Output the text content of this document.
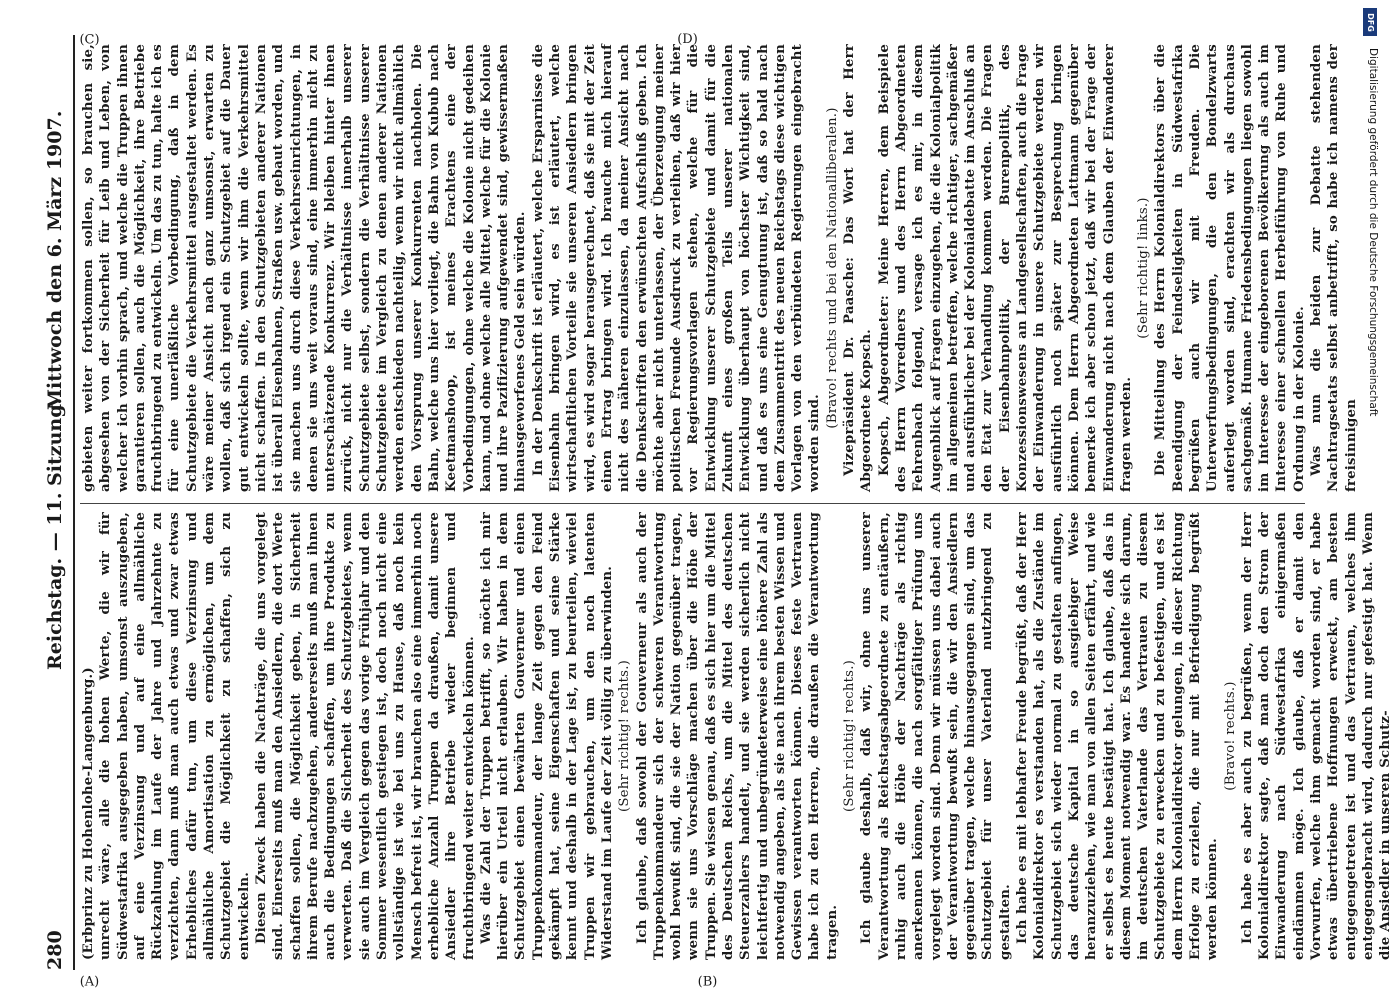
280
Reichstag. — 11. Sitzung.
Mittwoch den 6. März 1907.

(Erbprinz zu Hohenlohe-Langenburg.) unrecht wäre, alle die hohen Werte, die wir für Südwestafrika ausgegeben haben, umsonst auszugeben, auf eine Verzinsung und auf eine allmähliche Rückzahlung im Laufe der Jahre und Jahrzehnte zu verzichten, dann muß man auch etwas und zwar etwas Erhebliches dafür tun, um diese Verzinsung und allmähliche Amortisation zu ermöglichen, um dem Schutzgebiet die Möglichkeit zu schaffen, sich zu entwickeln. Diesen Zweck haben die Nachträge, die uns vorgelegt sind. Einerseits muß man den Ansiedlern, die dort Werte schaffen sollen, die Möglichkeit geben, in Sicherheit ihrem Berufe nachzugehen, andererseits muß man ihnen auch die Bedingungen schaffen, um ihre Produkte zu verwerten. Daß die Sicherheit des Schutzgebietes, wenn sie auch im Vergleich gegen das vorige Frühjahr und den Sommer wesentlich gestiegen ist, doch noch nicht eine vollständige ist wie bei uns zu Hause, daß noch kein Mensch befreit ist, wir brauchen also eine immerhin noch erhebliche Anzahl Truppen da draußen, damit unsere Ansiedler ihre Betriebe wieder beginnen und fruchtbringend weiter entwickeln können. Was die Zahl der Truppen betrifft, so möchte ich mir hierüber ein Urteil nicht erlauben. Wir haben in dem Schutzgebiet einen bewährten Gouverneur und einen Truppenkommandeur, der lange Zeit gegen den Feind gekämpft hat, seine Eigenschaften und seine Stärke kennt und deshalb in der Lage ist, zu beurteilen, wieviel Truppen wir gebrauchen, um den noch latenten Widerstand im Laufe der Zeit völlig zu überwinden. (Sehr richtig! rechts.) Ich glaube, daß sowohl der Gouverneur als auch der Truppenkommandeur sich der schweren Verantwortung wohl bewußt sind, die sie der Nation gegenüber tragen, wenn sie uns Vorschläge machen über die Höhe der Truppen. Sie wissen genau, daß es sich hier um die Mittel des Deutschen Reichs, um die Mittel des deutschen Steuerzahlers handelt, und sie werden sicherlich nicht leichtfertig und unbegründeterweise eine höhere Zahl als notwendig angeben, als sie nach ihrem besten Wissen und Gewissen verantworten können. Dieses feste Vertrauen habe ich zu den Herren, die draußen die Verantwortung tragen.

(Sehr richtig! rechts.) Ich glaube deshalb, daß wir, ohne uns unserer Verantwortung als Reichstagsabgeordnete zu entäußern, ruhig auch die Höhe der Nachträge als richtig anerkennen können, die nach sorgfältiger Prüfung uns vorgelegt worden sind. Denn wir müssen uns dabei auch der Verantwortung bewußt sein, die wir den Ansiedlern gegenüber tragen, welche hinausgegangen sind, um das Schutzgebiet für unser Vaterland nutzbringend zu gestalten. Ich habe es mit lebhafter Freude begrüßt, daß der Herr Kolonialdirektor es verstanden hat, als die Zustände im Schutzgebiet sich wieder normal zu gestalten anfingen, das deutsche Kapital in so ausgiebiger Weise heranzuziehen, wie man von allen Seiten erfährt, und wie er selbst es heute bestätigt hat. Ich glaube, daß das in diesem Moment notwendig war. Es handelte sich darum, im deutschen Vaterlande das Vertrauen zu diesem Schutzgebiete zu erwecken und zu befestigen, und es ist dem Herrn Kolonialdirektor gelungen, in dieser Richtung Erfolge zu erzielen, die nur mit Befriedigung begrüßt werden können.

(Bravo! rechts.) Ich habe es aber auch zu begrüßen, wenn der Herr Kolonialdirektor sagte, daß man doch den Strom der Einwanderung nach Südwestafrika einigermaßen eindämmen möge. Ich glaube, daß er damit den Vorwurfen, welche ihm gemacht worden sind, er habe etwas übertriebene Hoffnungen erweckt, am besten entgegengetreten ist und das Vertrauen, welches ihm entgegengebracht wird, dadurch nur gefestigt hat. Wenn die Ansiedler in unseren Schutz-

gebieten weiter fortkommen sollen, so brauchen sie, abgesehen von der Sicherheit für Leib und Leben, von welcher ich vorhin sprach, und welche die Truppen ihnen garantieren sollen, auch die Möglichkeit, ihre Betriebe fruchtbringend zu entwickeln. Um das zu tun, halte ich es für eine unerläßliche Vorbedingung, daß in dem Schutzgebiete die Verkehrsmittel ausgestaltet werden. Es wäre meiner Ansicht nach ganz umsonst, erwarten zu wollen, daß sich irgend ein Schutzgebiet auf die Dauer gut entwickeln sollte, wenn wir ihm die Verkehrsmittel nicht schaffen. In den Schutzgebieten anderer Nationen ist überall Eisenbahnen, Straßen usw. gebaut worden, und sie machen uns durch diese Verkehrseinrichtungen, in denen sie uns weit voraus sind, eine immerhin nicht zu unterschätzende Konkurrenz. Wir bleiben hinter ihnen zurück, nicht nur die Verhältnisse innerhalb unserer Schutzgebiete selbst, sondern die Verhältnisse unserer Schutzgebiete im Vergleich zu denen anderer Nationen werden entschieden nachteilig, wenn wir nicht allmählich den Vorsprung unserer Konkurrenten nachholen. Die Bahn, welche uns hier vorliegt, die Bahn von Kubub nach Keetmanshoop, ist meines Erachtens eine der Vorbedingungen, ohne welche die Kolonie nicht gedeihen kann, und ohne welche alle Mittel, welche für die Kolonie und ihre Pazifizierung aufgewendet sind, gewissermaßen hinausgeworfenes Geld sein würden. In der Denkschrift ist erläutert, welche Ersparnisse die Eisenbahn bringen wird, es ist erläutert, welche wirtschaftlichen Vorteile sie unseren Ansiedlern bringen wird, es wird sogar herausgerechnet, daß sie mit der Zeit einen Ertrag bringen wird. Ich brauche mich hierauf nicht des näheren einzulassen, da meiner Ansicht nach die Denkschriften den erwünschten Aufschluß geben. Ich möchte aber nicht unterlassen, der Überzeugung meiner politischen Freunde Ausdruck zu verleihen, daß wir hier vor Regierungsvorlagen stehen, welche für die Entwicklung unserer Schutzgebiete und damit für die Zukunft eines großen Teils unserer nationalen Entwicklung überhaupt von höchster Wichtigkeit sind, und daß es uns eine Genugtuung ist, daß so bald nach dem Zusammentritt des neuen Reichstags diese wichtigen Vorlagen von den verbündeten Regierungen eingebracht worden sind.

(Bravo! rechts und bei den Nationalliberalen.) Vizepräsident Dr. Paasche: Das Wort hat der Herr Abgeordnete Kopsch. Kopsch, Abgeordneter: Meine Herren, dem Beispiele des Herrn Vorredners und des Herrn Abgeordneten Fehrenbach folgend, versage ich es mir, in diesem Augenblick auf Fragen einzugehen, die die Kolonialpolitik im allgemeinen betreffen, welche richtiger, sachgemäßer und ausführlicher bei der Kolonialdebatte im Anschluß an den Etat zur Verhandlung kommen werden. Die Fragen der Eisenbahnpolitik, der Burenpolitik, des Konzessionswesens an Landgesellschaften, auch die Frage der Einwanderung in unsere Schutzgebiete werden wir ausführlich noch später zur Besprechung bringen können. Dem Herrn Abgeordneten Lattmann gegenüber bemerke ich aber schon jetzt, daß wir bei der Frage der Einwanderung nicht nach dem Glauben der Einwanderer fragen werden.

(Sehr richtig! links.) Die Mitteilung des Herrn Kolonialdirektors über die Beendigung der Feindseligkeiten in Südwestafrika begrüßen auch wir mit Freuden. Die Unterwerfungsbedingungen, die den Bondelzwarts auferlegt worden sind, erachten wir als durchaus sachgemäß. Humane Friedensbedingungen liegen sowohl im Interesse der eingeborenen Bevölkerung als auch im Interesse einer schnellen Herbeiführung von Ruhe und Ordnung in der Kolonie. Was nun die beiden zur Debatte stehenden Nachtragsetats selbst anbetrifft, so habe ich namens der freisinnigen

(A)	(B)
(C)	(D)
DFG
Digitalisierung gefördert durch die Deutsche Forschungsgemeinschaft
